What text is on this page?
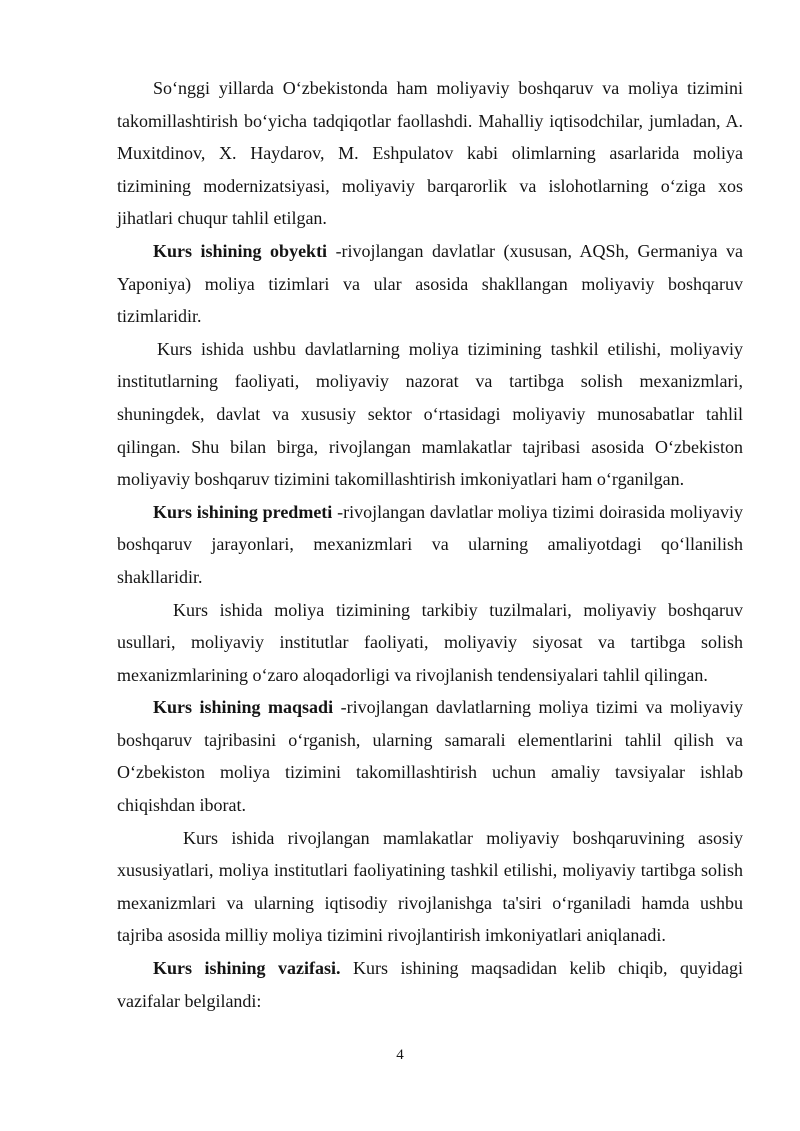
So‘nggi yillarda O‘zbekistonda ham moliyaviy boshqaruv va moliya tizimini takomillashtirish bo‘yicha tadqiqotlar faollashdi. Mahalliy iqtisodchilar, jumladan, A. Muxitdinov, X. Haydarov, M. Eshpulatov kabi olimlarning asarlarida moliya tizimining modernizatsiyasi, moliyaviy barqarorlik va islohotlarning o‘ziga xos jihatlari chuqur tahlil etilgan.

Kurs ishining obyekti -rivojlangan davlatlar (xususan, AQSh, Germaniya va Yaponiya) moliya tizimlari va ular asosida shakllangan moliyaviy boshqaruv tizimlaridir.

Kurs ishida ushbu davlatlarning moliya tizimining tashkil etilishi, moliyaviy institutlarning faoliyati, moliyaviy nazorat va tartibga solish mexanizmlari, shuningdek, davlat va xususiy sektor o‘rtasidagi moliyaviy munosabatlar tahlil qilingan. Shu bilan birga, rivojlangan mamlakatlar tajribasi asosida O‘zbekiston moliyaviy boshqaruv tizimini takomillashtirish imkoniyatlari ham o‘rganilgan.

Kurs ishining predmeti -rivojlangan davlatlar moliya tizimi doirasida moliyaviy boshqaruv jarayonlari, mexanizmlari va ularning amaliyotdagi qo‘llanilish shakllaridir.

Kurs ishida moliya tizimining tarkibiy tuzilmalari, moliyaviy boshqaruv usullari, moliyaviy institutlar faoliyati, moliyaviy siyosat va tartibga solish mexanizmlarining o‘zaro aloqadorligi va rivojlanish tendensiyalari tahlil qilingan.

Kurs ishining maqsadi -rivojlangan davlatlarning moliya tizimi va moliyaviy boshqaruv tajribasini o‘rganish, ularning samarali elementlarini tahlil qilish va O‘zbekiston moliya tizimini takomillashtirish uchun amaliy tavsiyalar ishlab chiqishdan iborat.

Kurs ishida rivojlangan mamlakatlar moliyaviy boshqaruvining asosiy xususiyatlari, moliya institutlari faoliyatining tashkil etilishi, moliyaviy tartibga solish mexanizmlari va ularning iqtisodiy rivojlanishga ta'siri o‘rganiladi hamda ushbu tajriba asosida milliy moliya tizimini rivojlantirish imkoniyatlari aniqlanadi.

Kurs ishining vazifasi. Kurs ishining maqsadidan kelib chiqib, quyidagi vazifalar belgilandi:

4
